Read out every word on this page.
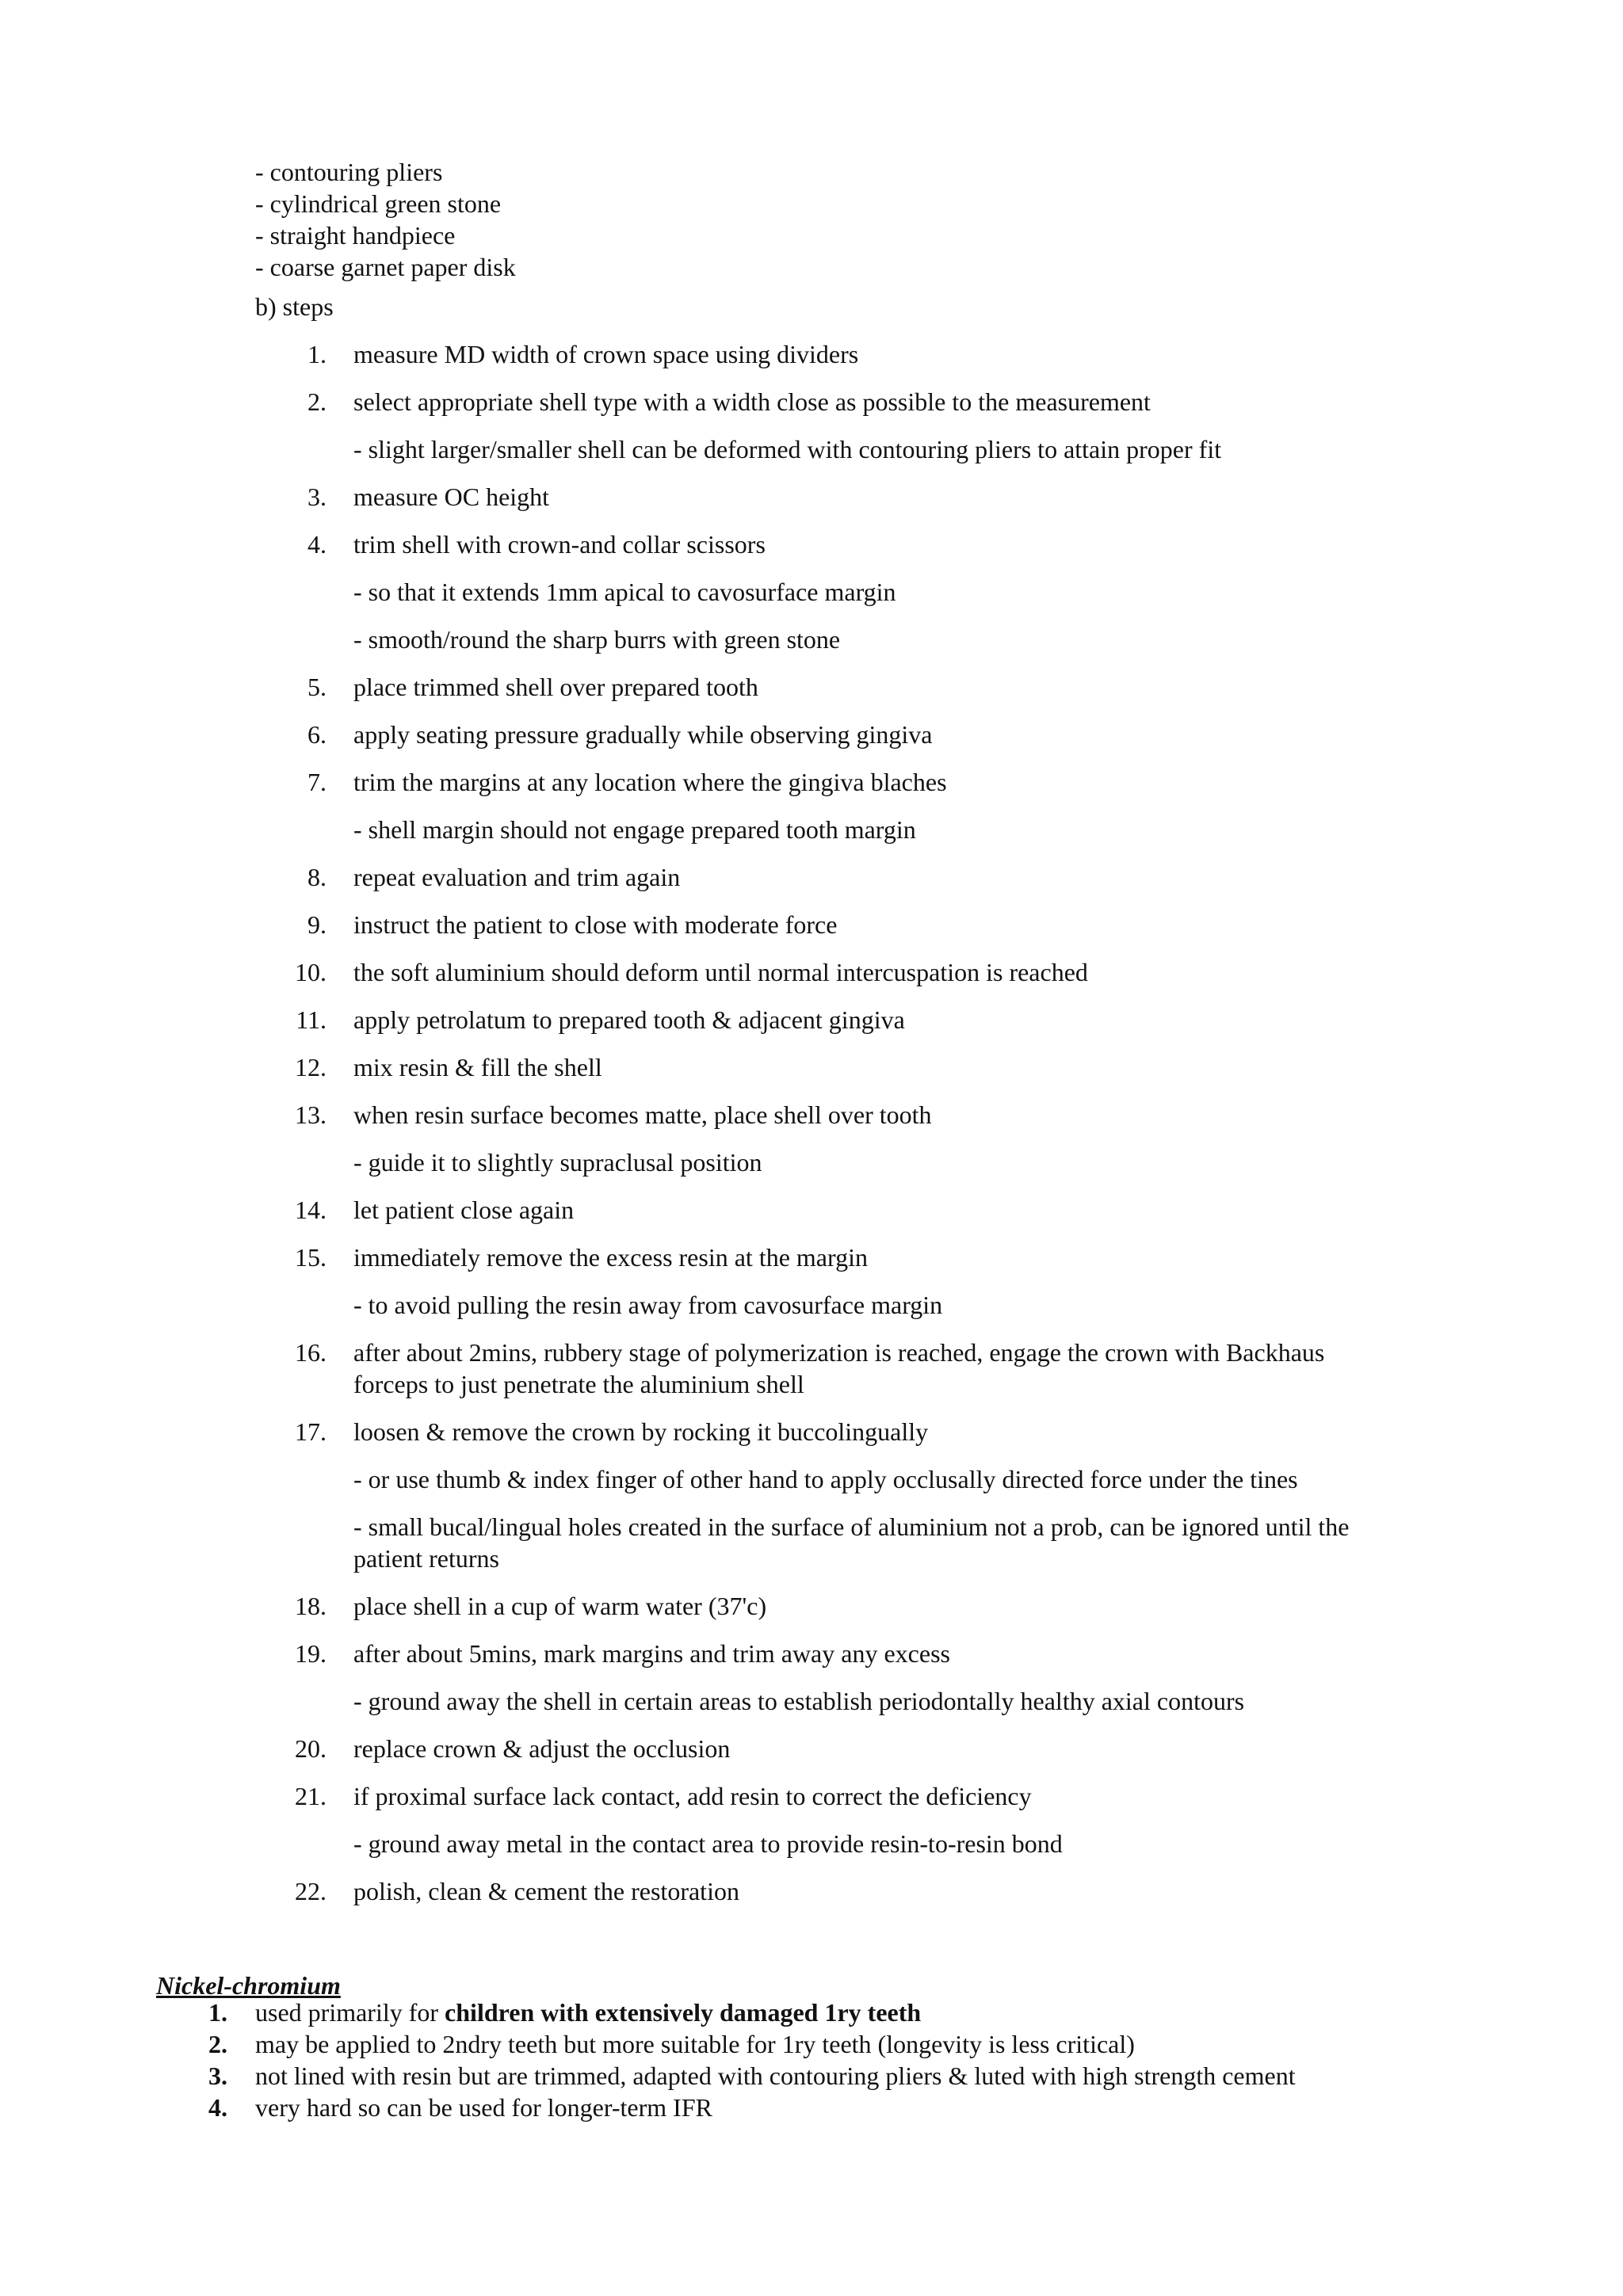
- contouring pliers
- cylindrical green stone
- straight handpiece
- coarse garnet paper disk
b) steps
1. measure MD width of crown space using dividers
2. select appropriate shell type with a width close as possible to the measurement
- slight larger/smaller shell can be deformed with contouring pliers to attain proper fit
3. measure OC height
4. trim shell with crown-and collar scissors
- so that it extends 1mm apical to cavosurface margin
- smooth/round the sharp burrs with green stone
5. place trimmed shell over prepared tooth
6. apply seating pressure gradually while observing gingiva
7. trim the margins at any location where the gingiva blaches
- shell margin should not engage prepared tooth margin
8. repeat evaluation and trim again
9. instruct the patient to close with moderate force
10. the soft aluminium should deform until normal intercuspation is reached
11. apply petrolatum to prepared tooth & adjacent gingiva
12. mix resin & fill the shell
13. when resin surface becomes matte, place shell over tooth
- guide it to slightly supraclusal position
14. let patient close again
15. immediately remove the excess resin at the margin
- to avoid pulling the resin away from cavosurface margin
16. after about 2mins, rubbery stage of polymerization is reached, engage the crown with Backhaus
forceps to just penetrate the aluminium shell
17. loosen & remove the crown by rocking it buccolingually
- or use thumb & index finger of other hand to apply occlusally directed force under the tines
- small bucal/lingual holes created in the surface of aluminium not a prob, can be ignored until the
patient returns
18. place shell in a cup of warm water (37'c)
19. after about 5mins, mark margins and trim away any excess
- ground away the shell in certain areas to establish periodontally healthy axial contours
20. replace crown & adjust the occlusion
21. if proximal surface lack contact, add resin to correct the deficiency
- ground away metal in the contact area to provide resin-to-resin bond
22. polish, clean & cement the restoration
Nickel-chromium
1. used primarily for children with extensively damaged 1ry teeth
2. may be applied to 2ndry teeth but more suitable for 1ry teeth (longevity is less critical)
3. not lined with resin but are trimmed, adapted with contouring pliers & luted with high strength cement
4. very hard so can be used for longer-term IFR
